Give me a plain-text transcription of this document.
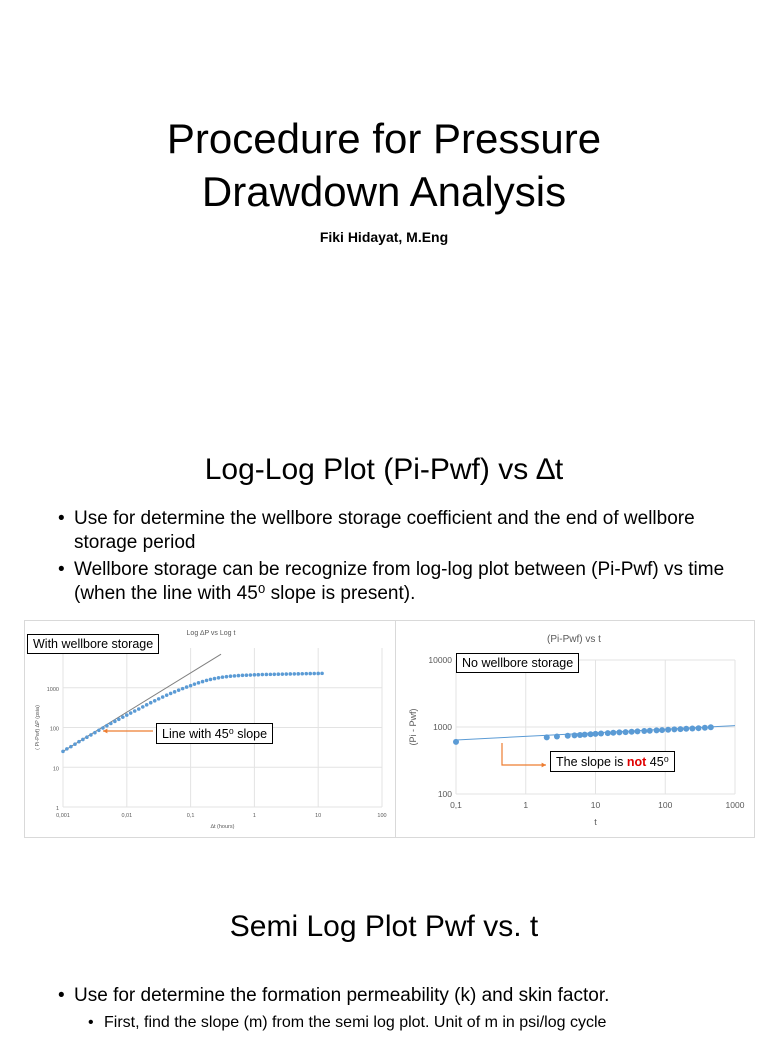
Procedure for Pressure
Drawdown Analysis
Fiki Hidayat, M.Eng
Log-Log Plot (Pi-Pwf) vs ∆t
• Use for determine the wellbore storage coefficient and the end of wellbore storage period
• Wellbore storage can be recognize from log-log plot between (Pi-Pwf) vs time (when the line with 45⁰ slope is present).
0,001	0,01	0,1	1	10	100
1
10
100
1000
Log ∆P vs Log t
∆t (hours)
( Pi-Pwf) ∆P (psia)
With wellbore storage
Line with 45⁰ slope
0,1	1	10	100	1000
100
1000
10000
(Pi-Pwf) vs t
t
(Pi - Pwf)
No wellbore storage
The slope is not 45⁰
Semi Log Plot Pwf vs. t
• Use for determine the formation permeability (k) and skin factor.
• First, find the slope (m) from the semi log plot. Unit of m in psi/log cycle
